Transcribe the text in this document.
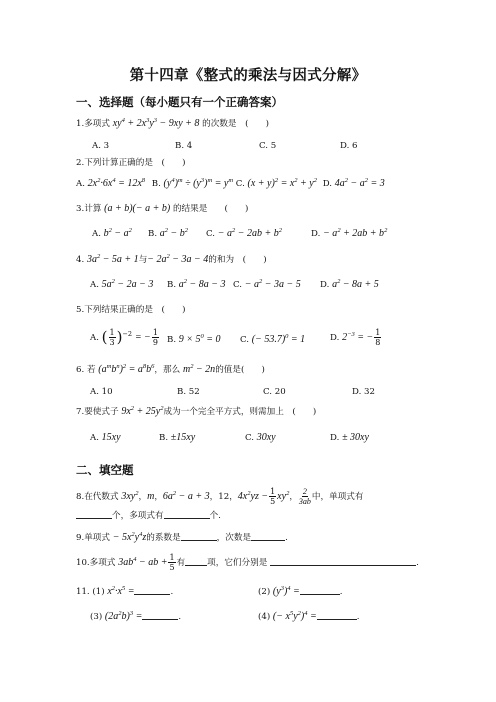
第十四章《整式的乘法与因式分解》
一、选择题（每小题只有一个正确答案）
1.多项式 $xy^4 + 2x^3y^3 - 9xy + 8$ 的次数是　(　　)
A. 3	B. 4	C. 5	D. 6
2.下列计算正确的是　(　　)
A. $2x^2\cdot 6x^4 = 12x^8$ B. $(y^4)^m \div (y^3)^m = y^m$ C. $(x + y)^2 = x^2 + y^2$ D. $4a^2 - a^2 = 3$
3.计算 (a + b)(− a + b) 的结果是　　(　　)
A. $b^2 - a^2$ B. $a^2 - b^2$ C. − $a^2 - 2ab + b^2$	D. − $a^2 + 2ab + b^2$
4. $3a^2 - 5a + 1$与− $2a^2 - 3a - 4$的和为　(　　)
A. $5a^2 - 2a - 3$ B. $a^2 - 8a - 3$ C. − $a^2 - 3a - 5$ D. $a^2 - 8a + 5$
5.下列结果正确的是　(　　)
A. ( $\frac{1}{3} )^{-2}$ = − $\frac{1}{9} B$. $9 \times 5^0 = 0$ C. (− 53.7)$^0$ = 1	D. $2^{-3}$ = − $\frac{1}{8}$
6. 若 $(a^mb^n)^2 = a^8b^6$，那么 $m^2 - 2n$的值是(　　)
A. 10	B. 52	C. 20	D. 32
7.要使式子 $9x^2 + 25y^2$成为一个完全平方式，则需加上　(　　)
A. 15xy	B. ±15xy	C. 30xy	D. ± 30xy
二、填空题
8.在代数式 $3xy^2$，m，$6a^2 - a + 3$，12，$4x^2yz - \frac{1}{5} xy^2$， $\frac{2}{3ab}$ 中，单项式有
个，多项式有	个.
9.单项式 − $5x^2y^4z$的系数是	，次数是	.
10.多项式 $3ab^4$ − ab + $\frac{1}{5}$ 有	项，它们分别是	.
11. (1) $x^2\cdot x^5$ =	.	(2) $(y^3)^4$ =	.
(3) $(2a^2b)^3$ =	.	(4) (− $x^5y^2)^4$ =	.
